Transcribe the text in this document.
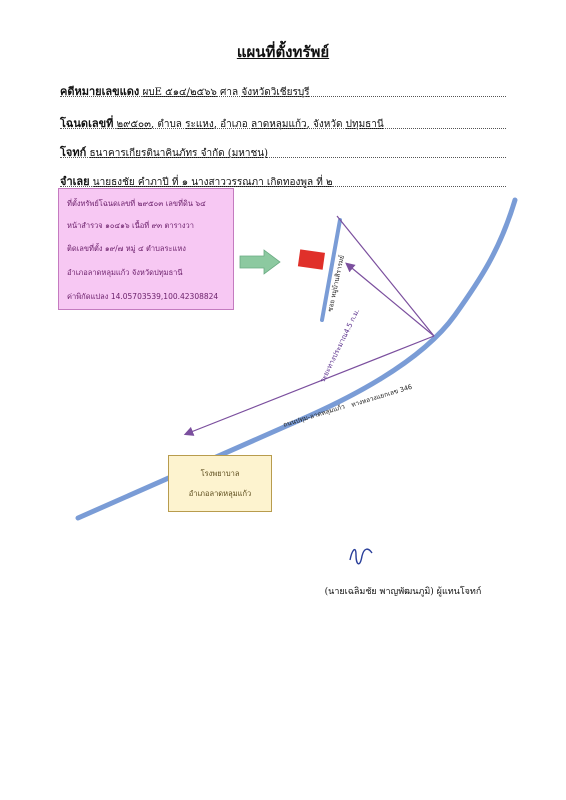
แผนที่ตั้งทรัพย์
คดีหมายเลขแดง ผบE ๕๑๔/๒๕๖๖ ศาล จังหวัดวิเชียรบุรี
โฉนดเลขที่ ๒๙๕๐๓, ตำบล ระแหง, อำเภอ ลาดหลุมแก้ว, จังหวัด ปทุมธานี
โจทก์ ธนาคารเกียรตินาคินภัทร จำกัด (มหาชน)
จำเลย นายธงชัย คำภาปี ที่ ๑ นางสาววรรณภา เกิดทองพูล ที่ ๒
ซอย หมู่บ้านสิรารมย์
ระยะทางประมาณ4.5 ก.ม.
ถนนปทุม-ลาดหลุมแก้ว
หางหลวงแยกเลข 346
ที่ตั้งทรัพย์โฉนดเลขที่ ๒๙๕๐๓ เลขที่ดิน ๖๔
หน้าสำรวจ ๑๐๔๑๖ เนื้อที่ ๙๓ ตารางวา
ติดเลขที่ตั้ง ๑๙/๗ หมู่ ๔ ตำบลระแหง
อำเภอลาดหลุมแก้ว จังหวัดปทุมธานี
ค่าพิกัดแปลง 14.05703539,100.42308824
โรงพยาบาล
อำเภอลาดหลุมแก้ว
(นายเฉลิมชัย พาญพัฒนภูมิ) ผู้แทนโจทก์
